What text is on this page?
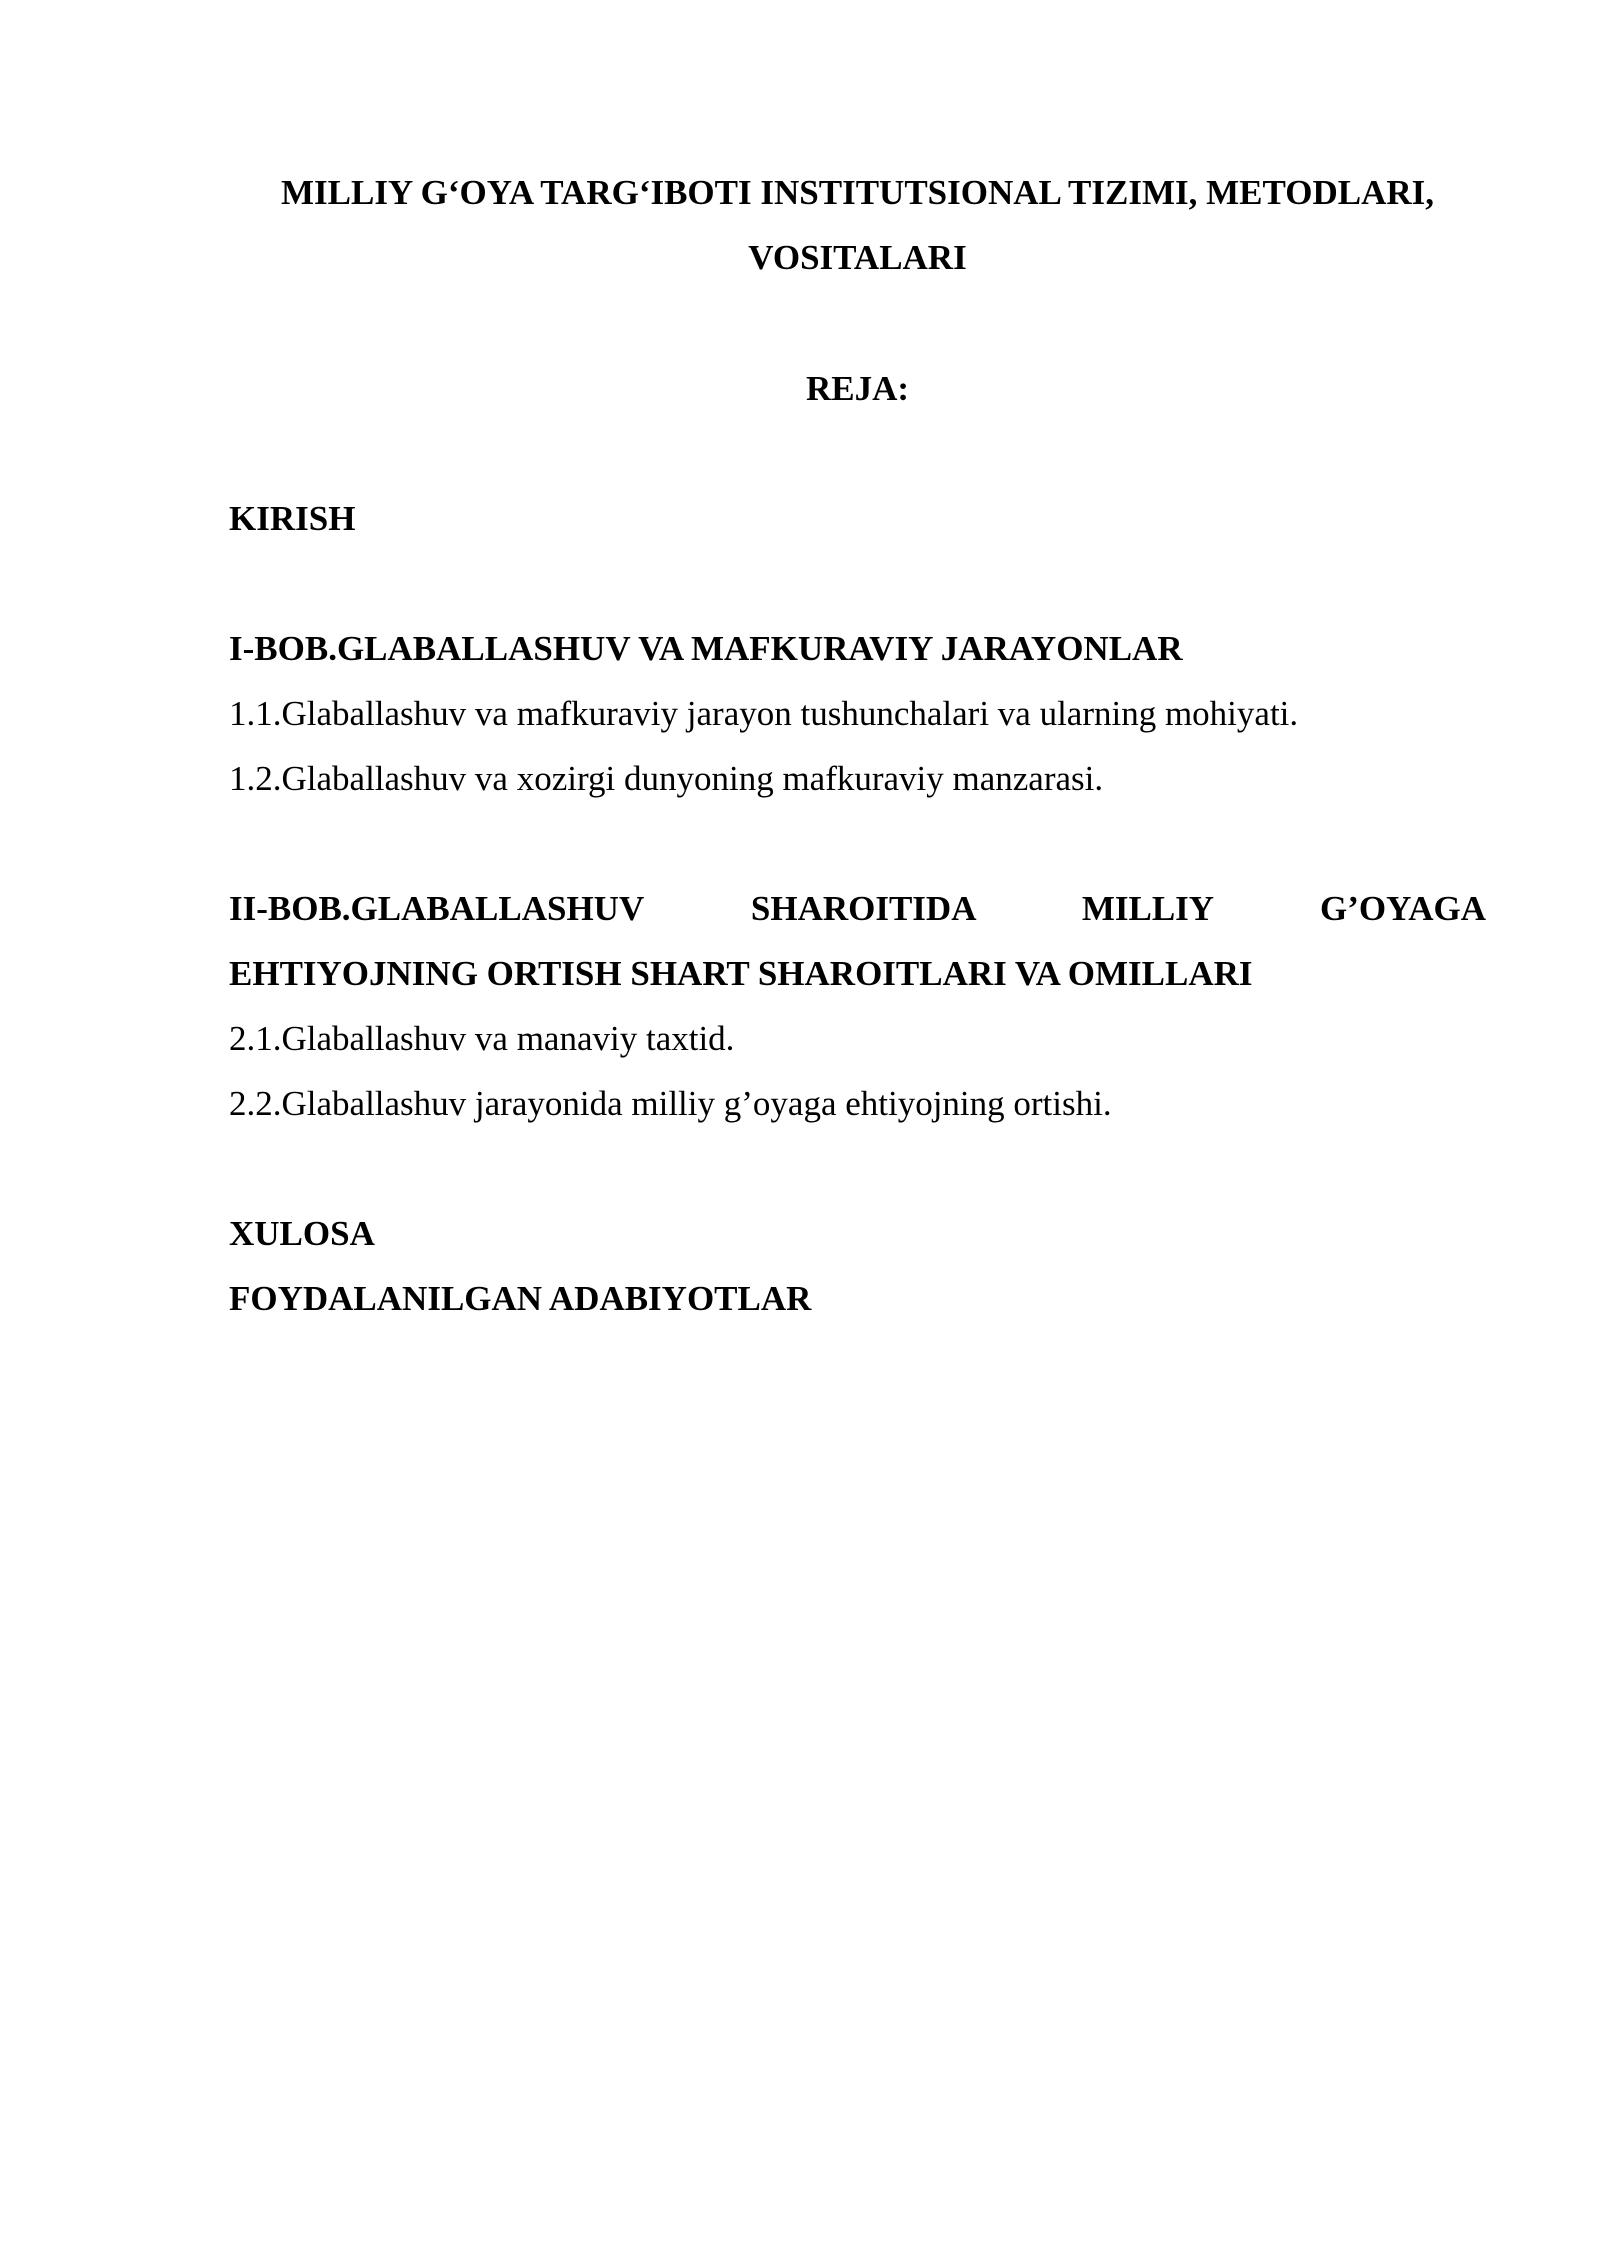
MILLIY G‘OYA TARG‘IBOTI INSTITUTSIONAL TIZIMI, METODLARI,

VOSITALARI

REJA:

KIRISH

I-BOB.GLABALLASHUV VA MAFKURAVIY JARAYONLAR

1.1.Glaballashuv va mafkuraviy jarayon tushunchalari va ularning mohiyati.

1.2.Glaballashuv va xozirgi dunyoning mafkuraviy manzarasi.

II-BOB.GLABALLASHUV SHAROITIDA MILLIY G’OYAGA

EHTIYOJNING ORTISH SHART SHAROITLARI VA OMILLARI

2.1.Glaballashuv va manaviy taxtid.

2.2.Glaballashuv jarayonida milliy g’oyaga ehtiyojning ortishi.

XULOSA

FOYDALANILGAN ADABIYOTLAR
